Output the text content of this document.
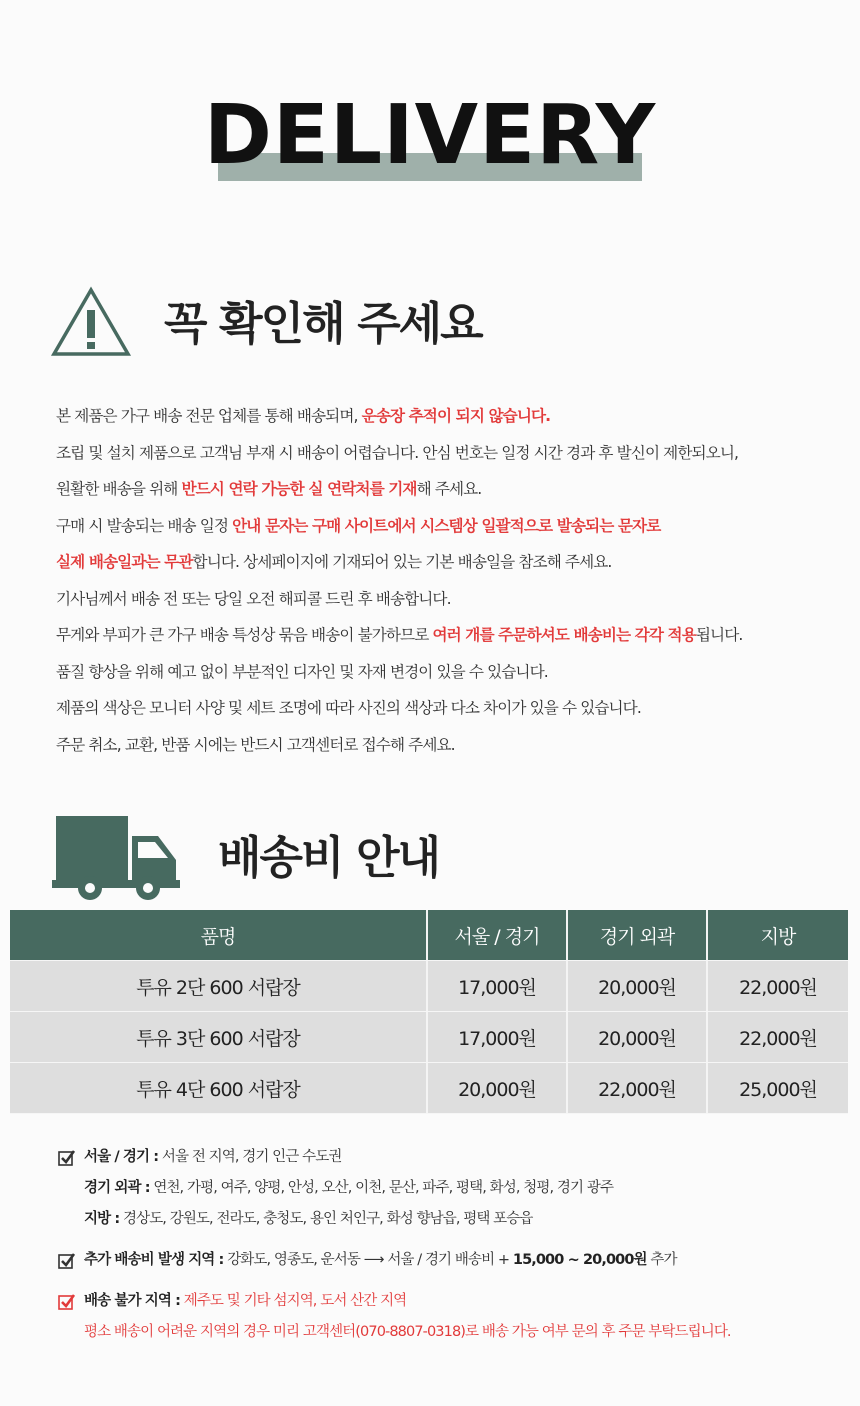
DELIVERY
꼭 확인해 주세요
본 제품은 가구 배송 전문 업체를 통해 배송되며, 운송장 추적이 되지 않습니다.
조립 및 설치 제품으로 고객님 부재 시 배송이 어렵습니다. 안심 번호는 일정 시간 경과 후 발신이 제한되오니,
원활한 배송을 위해 반드시 연락 가능한 실 연락처를 기재해 주세요.
구매 시 발송되는 배송 일정 안내 문자는 구매 사이트에서 시스템상 일괄적으로 발송되는 문자로
실제 배송일과는 무관합니다. 상세페이지에 기재되어 있는 기본 배송일을 참조해 주세요.
기사님께서 배송 전 또는 당일 오전 해피콜 드린 후 배송합니다.
무게와 부피가 큰 가구 배송 특성상 묶음 배송이 불가하므로 여러 개를 주문하셔도 배송비는 각각 적용됩니다.
품질 향상을 위해 예고 없이 부분적인 디자인 및 자재 변경이 있을 수 있습니다.
제품의 색상은 모니터 사양 및 세트 조명에 따라 사진의 색상과 다소 차이가 있을 수 있습니다.
주문 취소, 교환, 반품 시에는 반드시 고객센터로 접수해 주세요.
배송비 안내
품명	서울 / 경기	경기 외곽	지방
투유 2단 600 서랍장	17,000원	20,000원	22,000원
투유 3단 600 서랍장	17,000원	20,000원	22,000원
투유 4단 600 서랍장	20,000원	22,000원	25,000원
서울 / 경기 :
서울 전 지역, 경기 인근 수도권
경기 외곽 :
연천, 가평, 여주, 양평, 안성, 오산, 이천, 문산, 파주, 평택, 화성, 청평, 경기 광주
지방 :
경상도, 강원도, 전라도, 충청도, 용인 처인구, 화성 향남읍, 평택 포승읍
추가 배송비 발생 지역 :
강화도, 영종도, 운서동
⟶
서울 / 경기 배송비 +
15,000 ~ 20,000원
추가
배송 불가 지역 :
제주도 및 기타 섬지역, 도서 산간 지역
평소 배송이 어려운 지역의 경우 미리 고객센터(070-8807-0318)로 배송 가능 여부 문의 후 주문 부탁드립니다.
